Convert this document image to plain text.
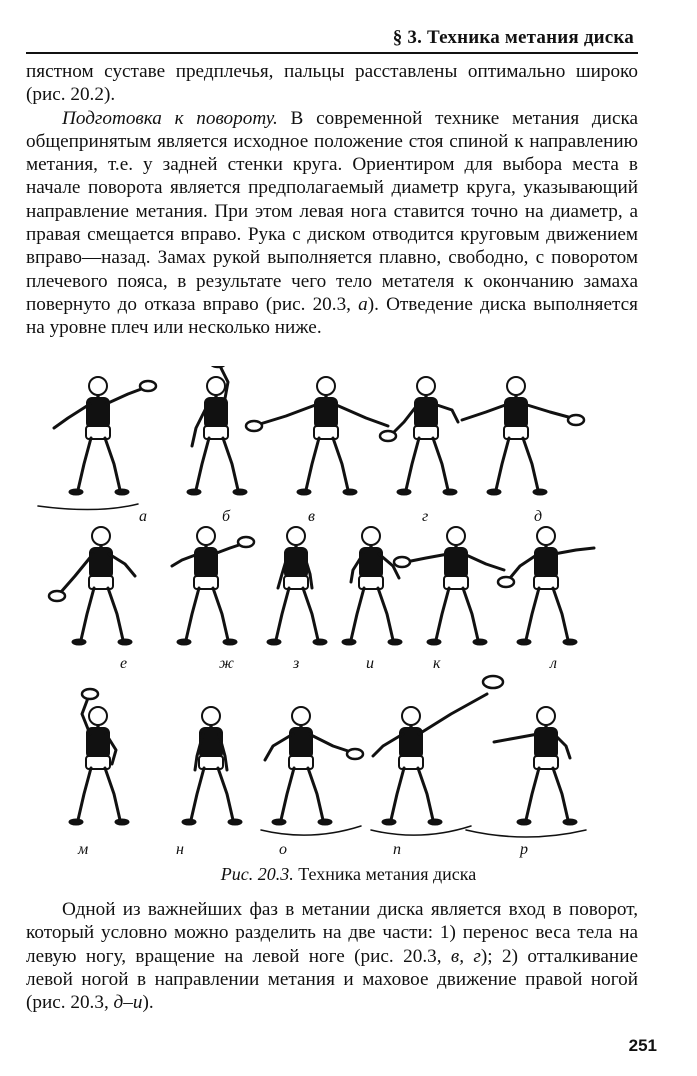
§ 3. Техника метания диска

пястном суставе предплечья, пальцы расставлены оптимально широко (рис. 20.2).

Подготовка к повороту. В современной технике метания диска общепринятым является исходное положение стоя спиной к направлению метания, т.е. у задней стенки круга. Ориентиром для выбора места в начале поворота является предполагаемый диаметр круга, указывающий направление метания. При этом левая нога ставится точно на диаметр, а правая смещается вправо. Рука с диском отводится круговым движением вправо—назад. Замах рукой выполняется плавно, свободно, с поворотом плечевого пояса, в результате чего тело метателя к окончанию замаха повернуто до отказа вправо (рис. 20.3, а). Отведение диска выполняется на уровне плеч или несколько ниже.

а	б	в	г	д
е	ж	з	и	к	л
м	н	о	п	р
Рис. 20.3. Техника метания диска

Одной из важнейших фаз в метании диска является вход в поворот, который условно можно разделить на две части: 1) перенос веса тела на левую ногу, вращение на левой ноге (рис. 20.3, в, г); 2) отталкивание левой ногой в направлении метания и маховое движение правой ногой (рис. 20.3, д–и).

251
